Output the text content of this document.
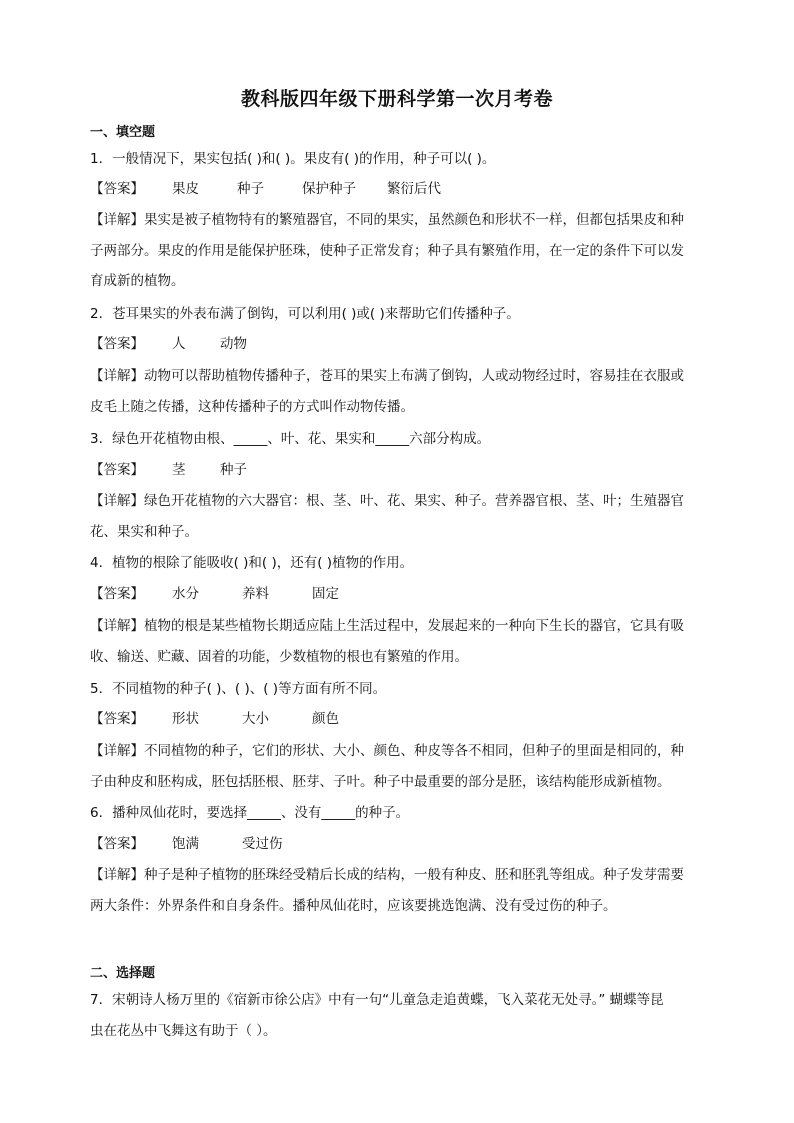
教科版四年级下册科学第一次月考卷
一、填空题
1．一般情况下，果实包括( )和( )。果皮有( )的作用，种子可以( )。
【答案】 果皮	种子	保护种子 繁衍后代
【详解】果实是被子植物特有的繁殖器官，不同的果实，虽然颜色和形状不一样，但都包括果皮和种
子两部分。果皮的作用是能保护胚珠，使种子正常发育；种子具有繁殖作用，在一定的条件下可以发
育成新的植物。
2．苍耳果实的外表布满了倒钩，可以利用( )或( )来帮助它们传播种子。
【答案】 人	动物
【详解】动物可以帮助植物传播种子，苍耳的果实上布满了倒钩，人或动物经过时，容易挂在衣服或
皮毛上随之传播，这种传播种子的方式叫作动物传播。
3．绿色开花植物由根、_____、叶、花、果实和_____六部分构成。
【答案】 茎	种子
【详解】绿色开花植物的六大器官：根、茎、叶、花、果实、种子。营养器官根、茎、叶；生殖器官
花、果实和种子。
4．植物的根除了能吸收( )和( )，还有( )植物的作用。
【答案】 水分	养料	固定
【详解】植物的根是某些植物长期适应陆上生活过程中，发展起来的一种向下生长的器官，它具有吸
收、输送、贮藏、固着的功能，少数植物的根也有繁殖的作用。
5．不同植物的种子( )、( )、( )等方面有所不同。
【答案】 形状	大小	颜色
【详解】不同植物的种子，它们的形状、大小、颜色、种皮等各不相同，但种子的里面是相同的，种
子由种皮和胚构成，胚包括胚根、胚芽、子叶。种子中最重要的部分是胚，该结构能形成新植物。
6．播种凤仙花时，要选择_____、没有_____的种子。
【答案】 饱满	受过伤
【详解】种子是种子植物的胚珠经受精后长成的结构，一般有种皮、胚和胚乳等组成。种子发芽需要
两大条件：外界条件和自身条件。播种凤仙花时，应该要挑选饱满、没有受过伤的种子。
二、选择题
7．宋朝诗人杨万里的《宿新市徐公店》中有一句“儿童急走追黄蝶，飞入菜花无处寻。” 蝴蝶等昆
虫在花丛中飞舞这有助于（ ）。
